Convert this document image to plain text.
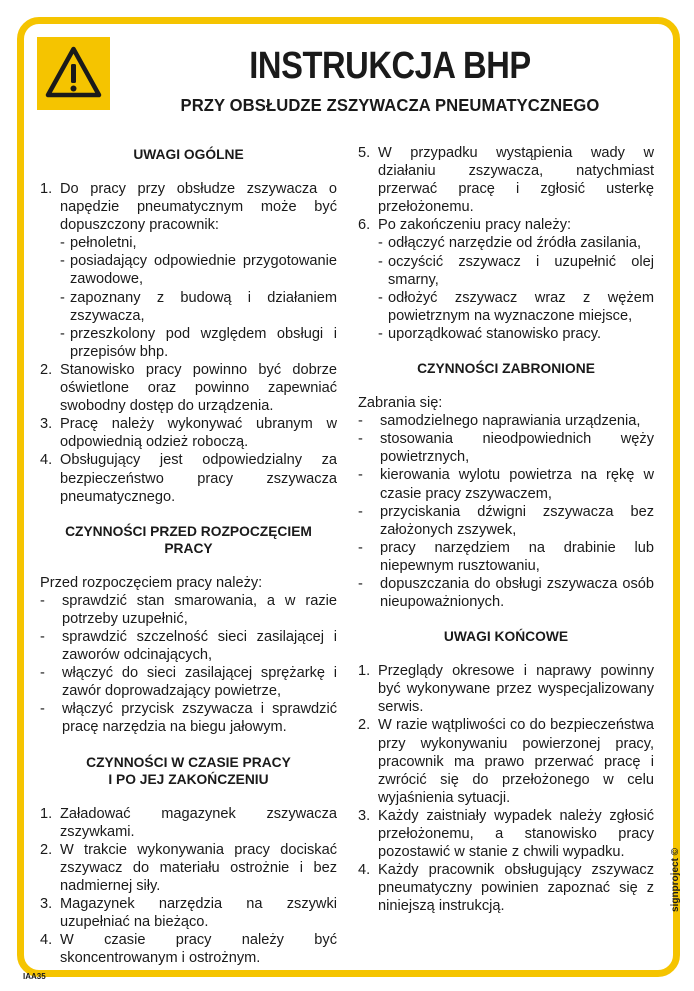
INSTRUKCJA BHP
PRZY OBSŁUDZE ZSZYWACZA PNEUMATYCZNEGO

UWAGI OGÓLNE

1. Do pracy przy obsłudze zszywacza o napędzie pneumatycznym może być dopuszczony pracownik:
- pełnoletni,
- posiadający odpowiednie przygotowanie zawodowe,
- zapoznany z budową i działaniem zszywacza,
- przeszkolony pod względem obsługi i przepisów bhp.
2. Stanowisko pracy powinno być dobrze oświetlone oraz powinno zapewniać swobodny dostęp do urządzenia.
3. Pracę należy wykonywać ubranym w odpowiednią odzież roboczą.
4. Obsługujący jest odpowiedzialny za bezpieczeństwo pracy zszywacza pneumatycznego.

CZYNNOŚCI PRZED ROZPOCZĘCIEM PRACY

Przed rozpoczęciem pracy należy:

-	sprawdzić stan smarowania, a w razie potrzeby uzupełnić,
-	sprawdzić szczelność sieci zasilającej i zaworów odcinających,
-	włączyć do sieci zasilającej sprężarkę i zawór doprowadzający powietrze,
-	włączyć przycisk zszywacza i sprawdzić pracę narzędzia na biegu jałowym.

CZYNNOŚCI W CZASIE PRACY

I PO JEJ ZAKOŃCZENIU

1. Załadować magazynek zszywacza zszywkami.
2. W trakcie wykonywania pracy dociskać zszywacz do materiału ostrożnie i bez nadmiernej siły.
3. Magazynek narzędzia na zszywki uzupełniać na bieżąco.
4. W czasie pracy należy być skoncentrowanym i ostrożnym.
5. W przypadku wystąpienia wady w działaniu zszywacza, natychmiast przerwać pracę i zgłosić usterkę przełożonemu.
6. Po zakończeniu pracy należy:
- odłączyć narzędzie od źródła zasilania,
- oczyścić zszywacz i uzupełnić olej smarny,
- odłożyć zszywacz wraz z wężem powietrznym na wyznaczone miejsce,
- uporządkować stanowisko pracy.

CZYNNOŚCI ZABRONIONE

Zabrania się:

-	samodzielnego naprawiania urządzenia,
-	stosowania nieodpowiednich węży powietrznych,
-	kierowania wylotu powietrza na rękę w czasie pracy zszywaczem,
-	przyciskania dźwigni zszywacza bez założonych zszywek,
-	pracy narzędziem na drabinie lub niepewnym rusztowaniu,
-	dopuszczania do obsługi zszywacza osób nieupoważnionych.

UWAGI KOŃCOWE

1. Przeglądy okresowe i naprawy powinny być wykonywane przez wyspecjalizowany serwis.
2. W razie wątpliwości co do bezpieczeństwa przy wykonywaniu powierzonej pracy, pracownik ma prawo przerwać pracę i zwrócić się do przełożonego w celu wyjaśnienia sytuacji.
3. Każdy zaistniały wypadek należy zgłosić przełożonemu, a stanowisko pracy pozostawić w stanie z chwili wypadku.
4. Każdy pracownik obsługujący zszywacz pneumatyczny powinien zapoznać się z niniejszą instrukcją.	signproject ©
IAA35
